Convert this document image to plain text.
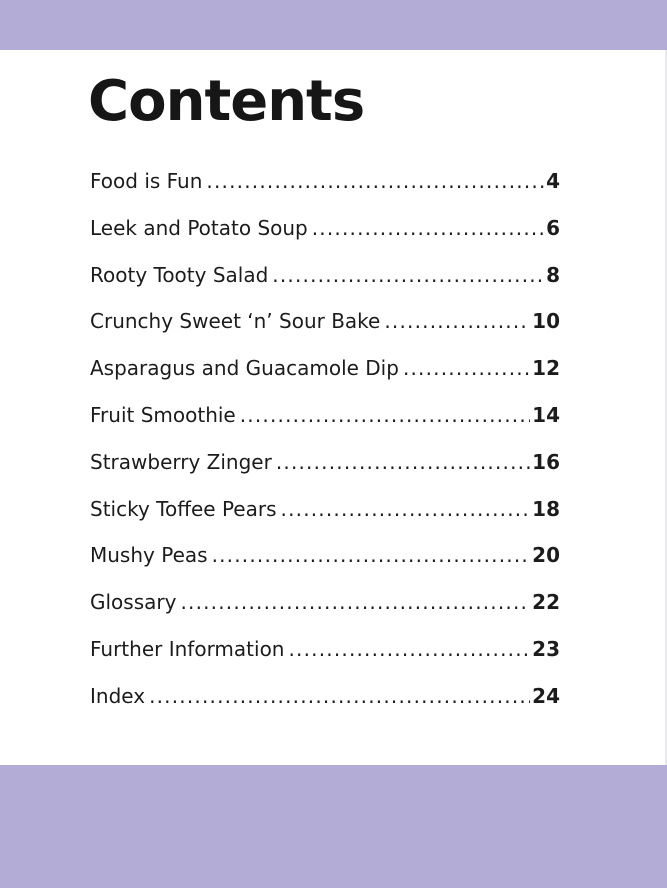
Contents
Food is Fun .....	4
Leek and Potato Soup .....	6
Rooty Tooty Salad .....	8
Crunchy Sweet ‘n’ Sour Bake .....	10
Asparagus and Guacamole Dip .....	12
Fruit Smoothie .....	14
Strawberry Zinger .....	16
Sticky Toffee Pears .....	18
Mushy Peas .....	20
Glossary .....	22
Further Information .....	23
Index .....	24
